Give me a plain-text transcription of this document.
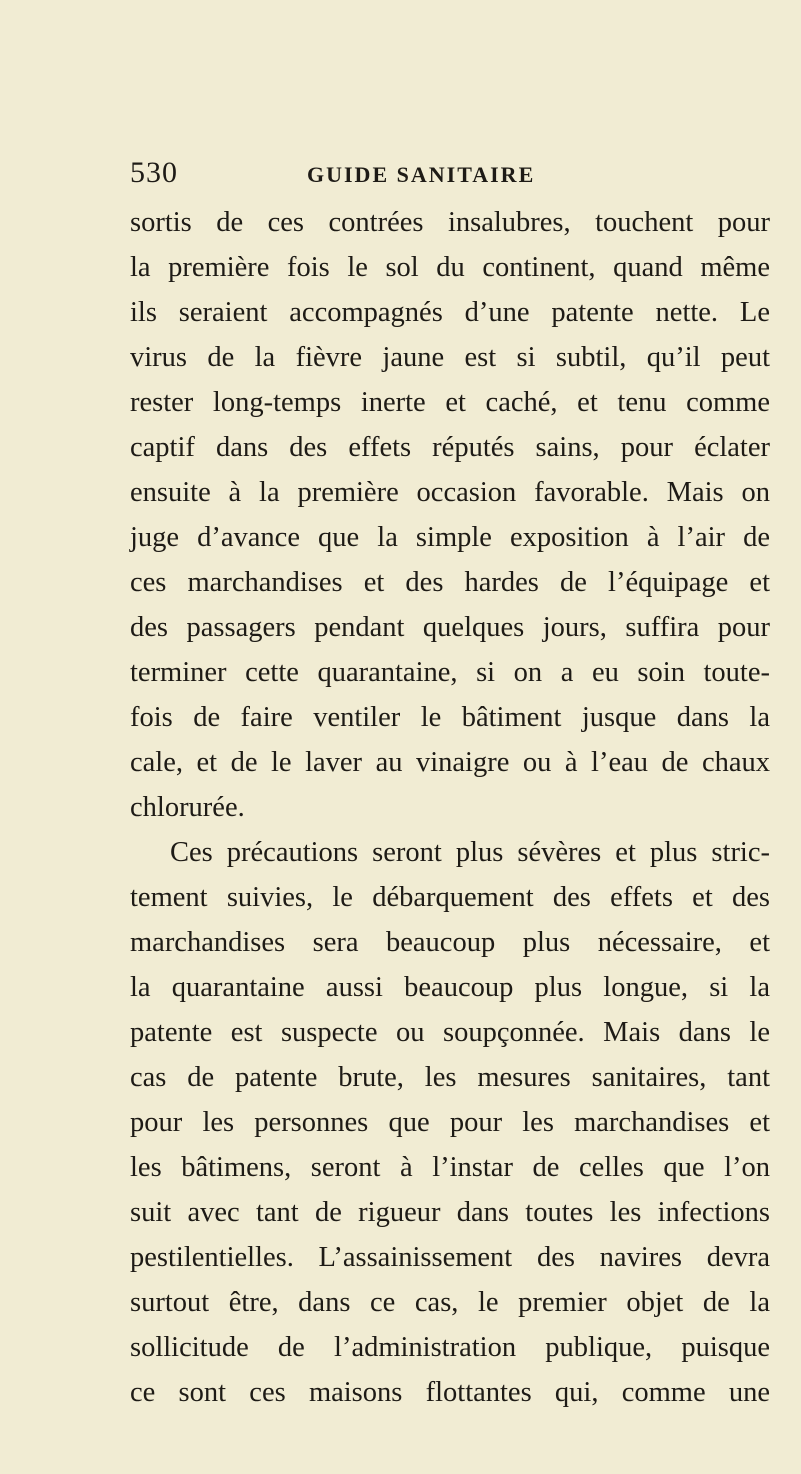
530	GUIDE SANITAIRE
sortis de ces contrées insalubres, touchent pour
la première fois le sol du continent, quand même
ils seraient accompagnés d’une patente nette. Le
virus de la fièvre jaune est si subtil, qu’il peut
rester long-temps inerte et caché, et tenu comme
captif dans des effets réputés sains, pour éclater
ensuite à la première occasion favorable. Mais on
juge d’avance que la simple exposition à l’air de
ces marchandises et des hardes de l’équipage et
des passagers pendant quelques jours, suffira pour
terminer cette quarantaine, si on a eu soin toute-
fois de faire ventiler le bâtiment jusque dans la
cale, et de le laver au vinaigre ou à l’eau de chaux
chlorurée.
Ces précautions seront plus sévères et plus stric-
tement suivies, le débarquement des effets et des
marchandises sera beaucoup plus nécessaire, et
la quarantaine aussi beaucoup plus longue, si la
patente est suspecte ou soupçonnée. Mais dans le
cas de patente brute, les mesures sanitaires, tant
pour les personnes que pour les marchandises et
les bâtimens, seront à l’instar de celles que l’on
suit avec tant de rigueur dans toutes les infections
pestilentielles. L’assainissement des navires devra
surtout être, dans ce cas, le premier objet de la
sollicitude de l’administration publique, puisque
ce sont ces maisons flottantes qui, comme une
